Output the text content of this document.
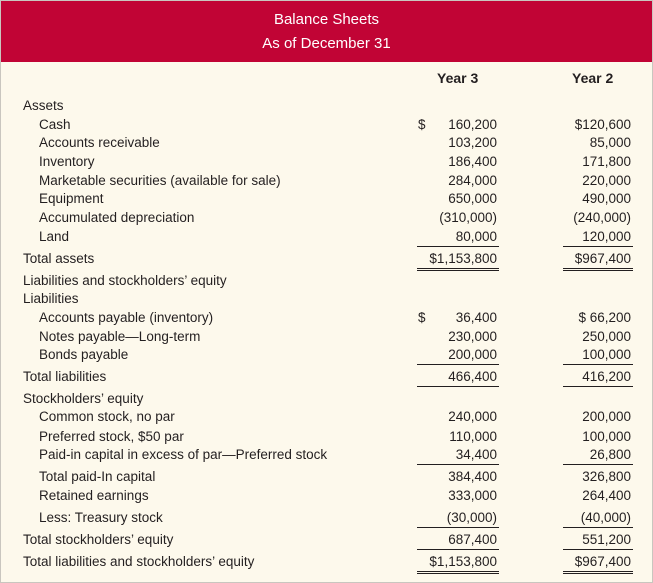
Balance Sheets
As of December 31
Year 3	Year 2
Assets
Cash	$ 160,200	$120,600
Accounts receivable	103,200	85,000
Inventory	186,400	171,800
Marketable securities (available for sale)	284,000	220,000
Equipment	650,000	490,000
Accumulated depreciation	(310,000)	(240,000)
Land	80,000	120,000
Total assets	$1,153,800	$967,400
Liabilities and stockholders’ equity
Liabilities
Accounts payable (inventory)	$ 36,400	$ 66,200
Notes payable—Long-term	230,000	250,000
Bonds payable	200,000	100,000
Total liabilities	466,400	416,200
Stockholders’ equity
Common stock, no par	240,000	200,000
Preferred stock, $50 par	110,000	100,000
Paid-in capital in excess of par—Preferred stock	34,400	26,800
Total paid-In capital	384,400	326,800
Retained earnings	333,000	264,400
Less: Treasury stock	(30,000)	(40,000)
Total stockholders’ equity	687,400	551,200
Total liabilities and stockholders’ equity	$1,153,800	$967,400
